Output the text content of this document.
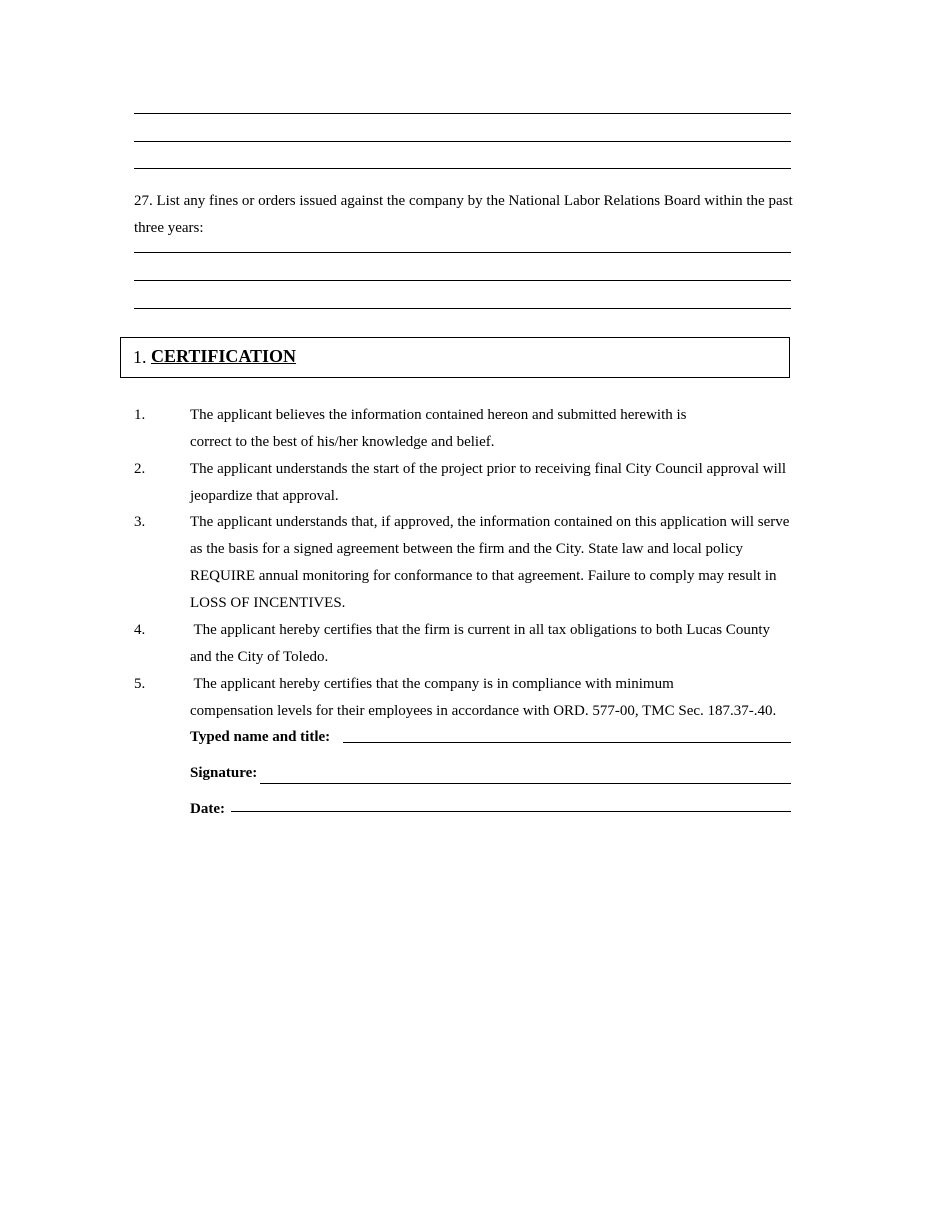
27. List any fines or orders issued against the company by the National Labor Relations Board within the past
three years:
1. CERTIFICATION
1.	The applicant believes the information contained hereon and submitted herewith is
correct to the best of his/her knowledge and belief.
2.	The applicant understands the start of the project prior to receiving final City Council approval will
jeopardize that approval.
3.	The applicant understands that, if approved, the information contained on this application will serve
as the basis for a signed agreement between the firm and the City. State law and local policy
REQUIRE annual monitoring for conformance to that agreement. Failure to comply may result in
LOSS OF INCENTIVES.
4.	The applicant hereby certifies that the firm is current in all tax obligations to both Lucas County
and the City of Toledo.
5.	The applicant hereby certifies that the company is in compliance with minimum
compensation levels for their employees in accordance with ORD. 577-00, TMC Sec. 187.37-.40.
Typed name and title:
Signature:
Date:
